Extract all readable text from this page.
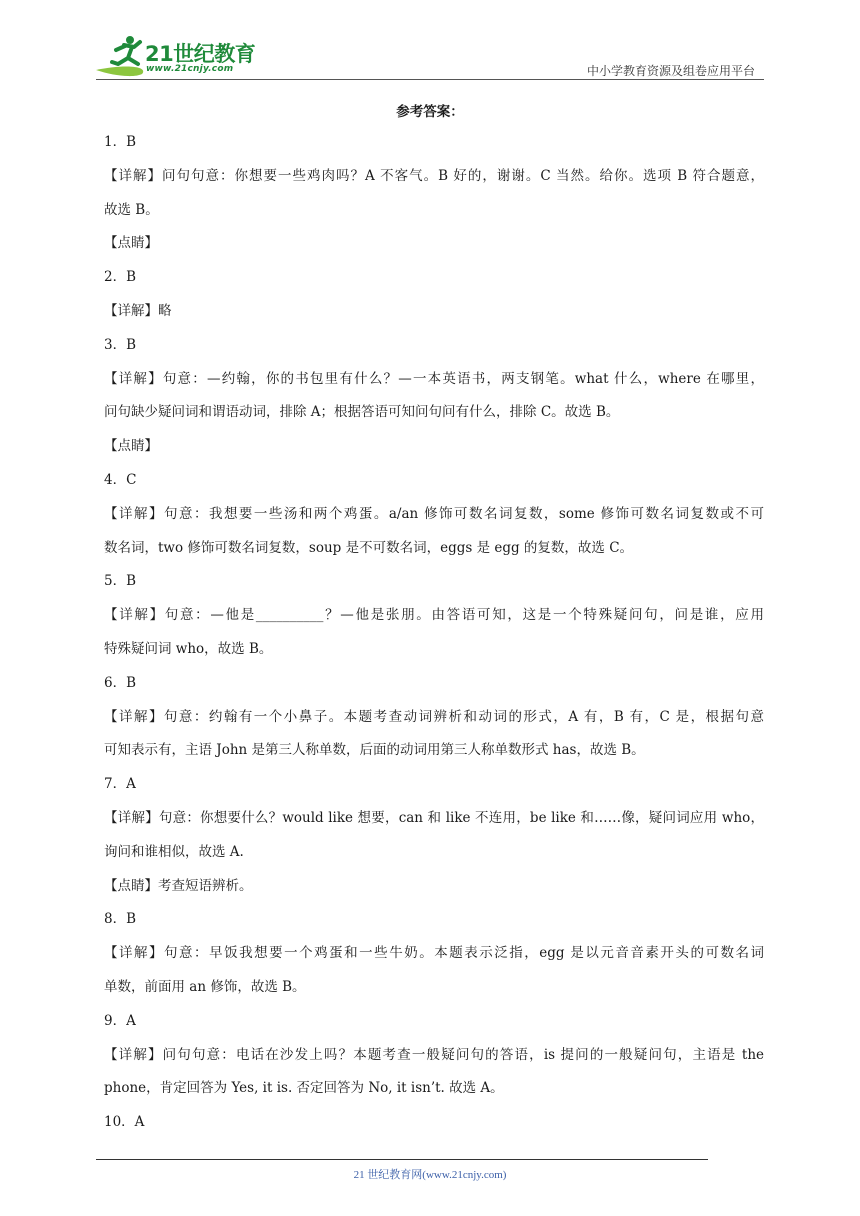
21世纪教育
www.21cnjy.com	中小学教育资源及组卷应用平台
参考答案：
1．B
【详解】问句句意：你想要一些鸡肉吗？A 不客气。B 好的，谢谢。C 当然。给你。选项 B 符合题意，
故选 B。
【点睛】
2．B
【详解】略
3．B
【详解】句意：—约翰，你的书包里有什么？—一本英语书，两支钢笔。what 什么，where 在哪里，
问句缺少疑问词和谓语动词，排除 A；根据答语可知问句问有什么，排除 C。故选 B。
【点睛】
4．C
【详解】句意：我想要一些汤和两个鸡蛋。a/an 修饰可数名词复数，some 修饰可数名词复数或不可
数名词，two 修饰可数名词复数，soup 是不可数名词，eggs 是 egg 的复数，故选 C。
5．B
【详解】句意：—他是__________？—他是张朋。由答语可知，这是一个特殊疑问句，问是谁，应用
特殊疑问词 who，故选 B。
6．B
【详解】句意：约翰有一个小鼻子。本题考查动词辨析和动词的形式，A 有，B 有，C 是，根据句意
可知表示有，主语 John 是第三人称单数，后面的动词用第三人称单数形式 has，故选 B。
7．A
【详解】句意：你想要什么？would like 想要，can 和 like 不连用，be like 和……像，疑问词应用 who，
询问和谁相似，故选 A.
【点睛】考查短语辨析。
8．B
【详解】句意：早饭我想要一个鸡蛋和一些牛奶。本题表示泛指，egg 是以元音音素开头的可数名词
单数，前面用 an 修饰，故选 B。
9．A
【详解】问句句意：电话在沙发上吗？本题考查一般疑问句的答语，is 提问的一般疑问句，主语是 the
phone，肯定回答为 Yes, it is. 否定回答为 No, it isn’t. 故选 A。
10．A
21 世纪教育网(www.21cnjy.com)
